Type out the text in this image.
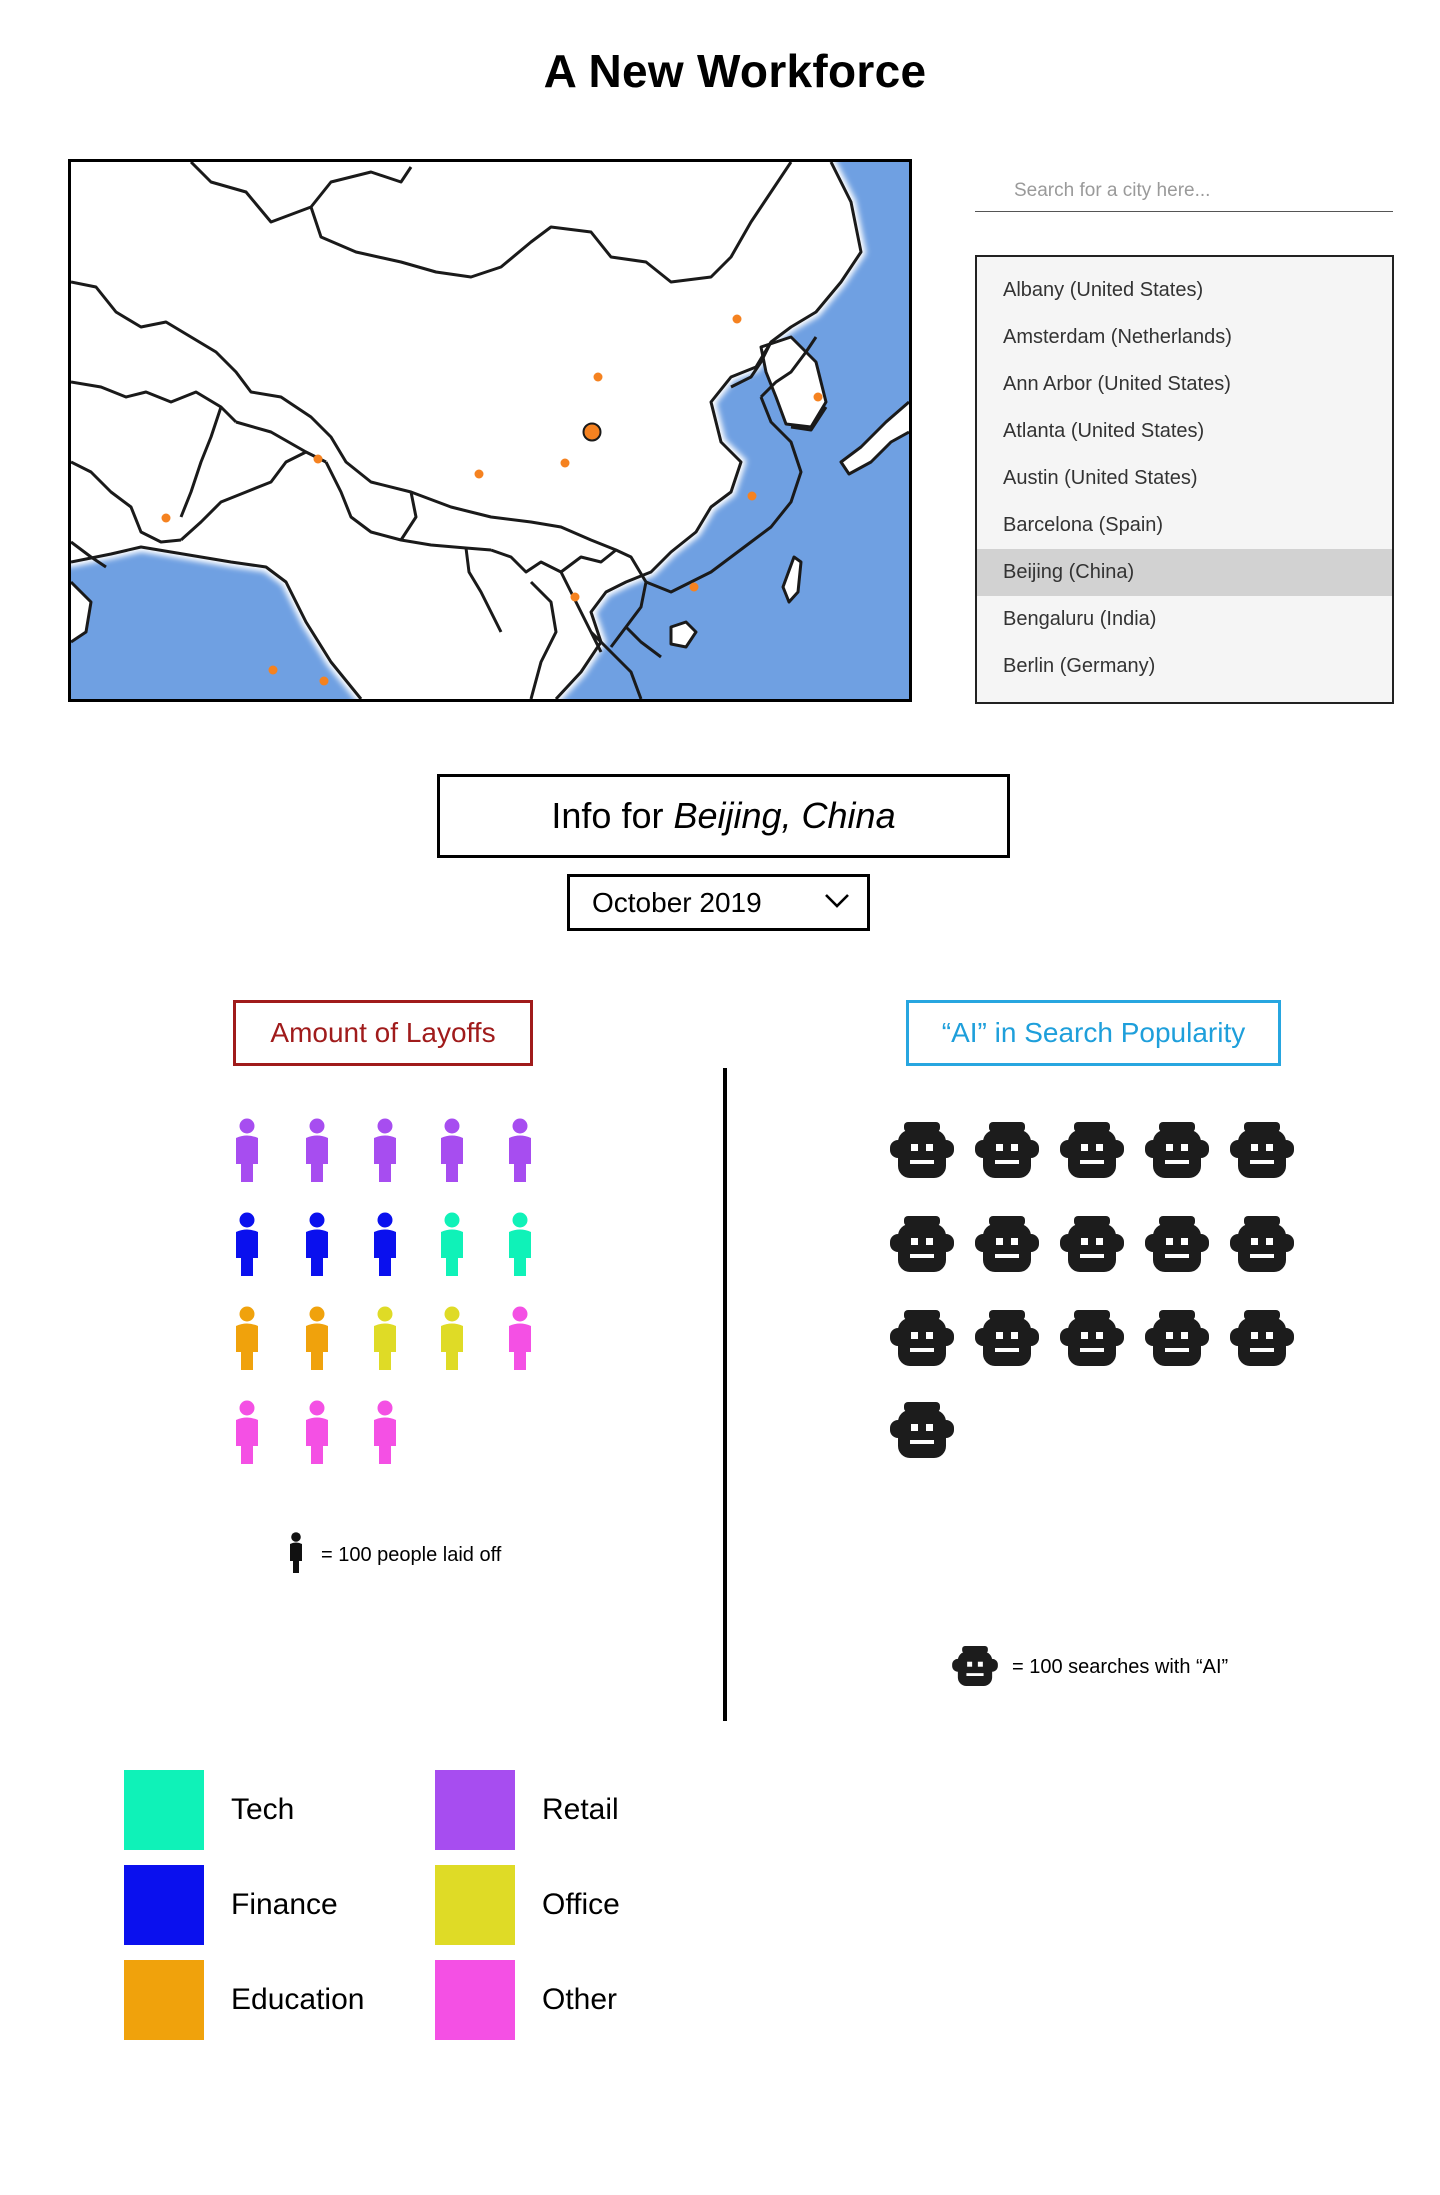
A New Workforce
Search for a city here...
Albany (United States)
Amsterdam (Netherlands)
Ann Arbor (United States)
Atlanta (United States)
Austin (United States)
Barcelona (Spain)
Beijing (China)
Bengaluru (India)
Berlin (Germany)
Info for Beijing, China
October 2019
Amount of Layoffs
= 100 people laid off
“AI” in Search Popularity
= 100 searches with “AI”
Tech
Finance
Education
Retail
Office
Other
